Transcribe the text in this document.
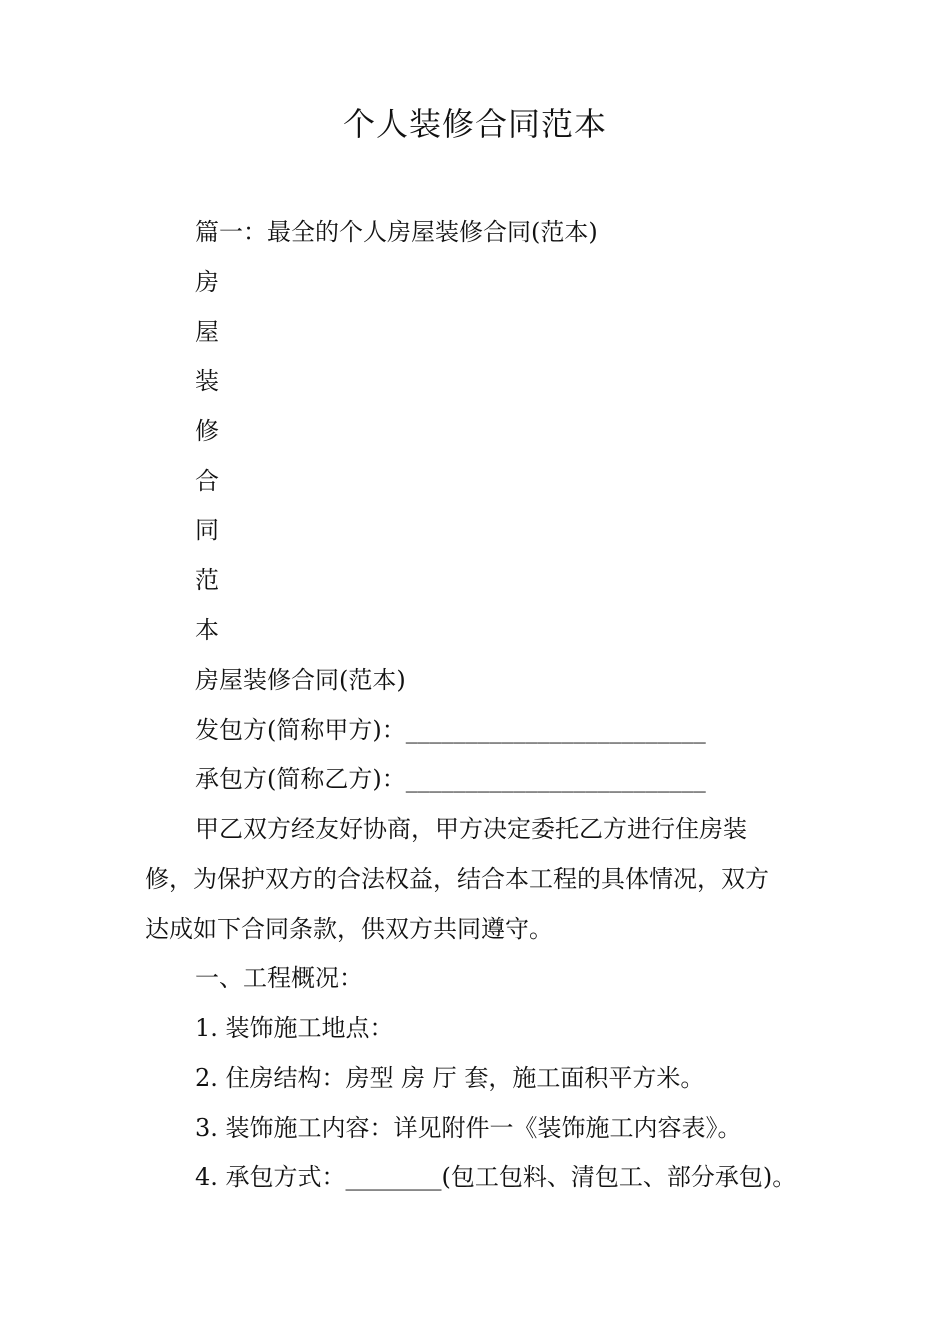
个人装修合同范本
篇一：最全的个人房屋装修合同(范本)
房
屋
装
修
合
同
范
本
房屋装修合同(范本)
发包方(简称甲方)：_________________________
承包方(简称乙方)：_________________________
甲乙双方经友好协商，甲方决定委托乙方进行住房装
修，为保护双方的合法权益，结合本工程的具体情况，双方
达成如下合同条款，供双方共同遵守。
一、工程概况：
1. 装饰施工地点：
2. 住房结构：房型 房 厅 套，施工面积平方米。
3. 装饰施工内容：详见附件一《装饰施工内容表》。
4. 承包方式：________(包工包料、清包工、部分承包)。
